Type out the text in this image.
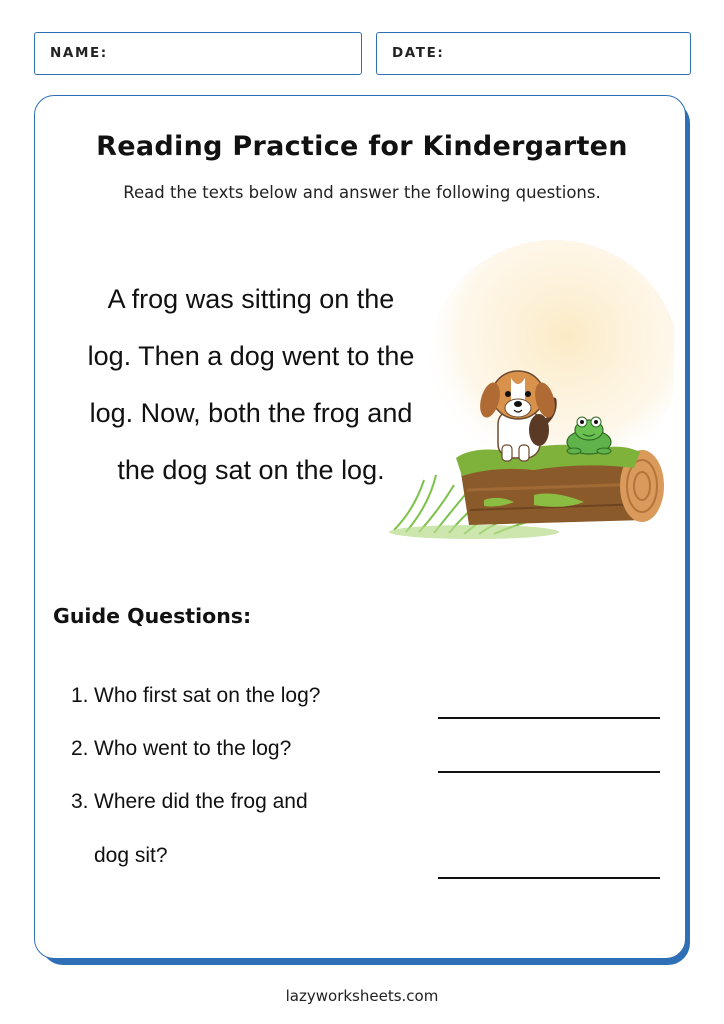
NAME:	DATE:
Reading Practice for Kindergarten
Read the texts below and answer the following questions.
A frog was sitting on the
log. Then a dog went to the
log. Now, both the frog and
the dog sat on the log.
Guide Questions:
1. Who first sat on the log?
2. Who went to the log?
3. Where did the frog and
dog sit?
lazyworksheets.com
